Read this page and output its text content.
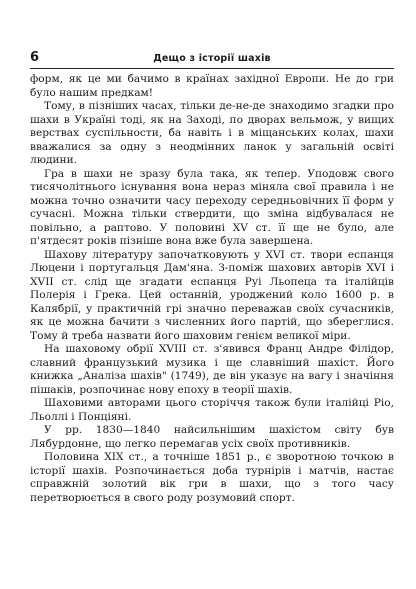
6	Дещо з історії шахів

форм, як це ми бачимо в країнах західної Европи. Не до гри було нашим предкам!

Тому, в пізніших часах, тільки де-не-де знаходимо згадки про шахи в Україні тоді, як на Заході, по дворах вельмож, у вищих верствах суспільности, ба навіть і в міщанських колах, шахи вважалися за одну з неодмінних ланок у загальній освіті людини.

Гра в шахи не зразу була така, як тепер. Уподовж свого тисячолітнього існування вона нераз міняла свої правила і не можна точно означити часу переходу середньовічних її форм у сучасні. Можна тільки ствердити, що зміна відбувалася не повільно, а раптово. У половині XV ст. її ще не було, але п'ятдесят років пізніше вона вже була завершена.

Шахову літературу започатковують у XVI ст. твори еспанця Люцени і португальця Дам'яна. З-поміж шахових авторів XVI і XVII ст. слід ще згадати еспанця Руі Льопеца та італійців Полерія і Грека. Цей останній, уроджений коло 1600 р. в Калябрії, у практичній грі значно переважав своїх сучасників, як це можна бачити з численних його партій, що збереглися. Тому й треба назвати його шаховим генієм великої міри.

На шаховому обрії XVIII ст. з'явився Франц Андре Філідор, славний французький музика і ще славніший шахіст. Його книжка „Аналіза шахів" (1749), де він указує на вагу і значіння пішаків, розпочинає нову епоху в теорії шахів.

Шаховими авторами цього сторіччя також були італійці Ріо, Льоллі і Понціяні.

У рр. 1830—1840 найсильнішим шахістом світу був Лябурдонне, що легко перемагав усіх своїх противників.

Половина XIX ст., а точніше 1851 р., є зворотною точкою в історії шахів. Розпочинається доба турнірів і матчів, настає справжній золотий вік гри в шахи, що з того часу перетворюється в свого роду розумовий спорт.
